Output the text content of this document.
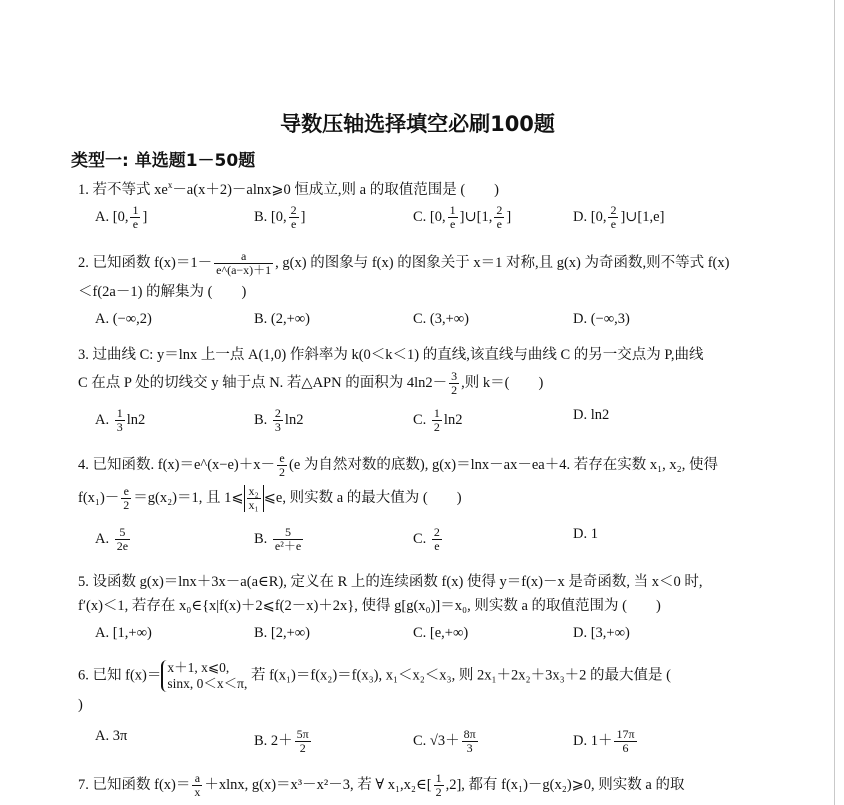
导数压轴选择填空必刷100题
类型一: 单选题1－50题
1. 若不等式 $xe^x-a(x+2)-alnx⩾0$ 恒成立,则 a 的取值范围是 (　　)
A. [0, $\frac{1}{e}$ ]	B. [0, $\frac{2}{e}$ ]	C. [0, $\frac{1}{e}$ ]∪[1, $\frac{2}{e}$ ]	D. [0, $\frac{2}{e}$ ]∪[1,e]
2. 已知函数 $f(x)=1- \frac{a}{e\^{}(a-x)+1}$ , g(x) 的图象与 f(x) 的图象关于 x＝1 对称,且 g(x) 为奇函数,则不等式 f(x)
＜f(2a－1) 的解集为 (　　)
A. (−∞,2)	B. (2,+∞)	C. (3,+∞)	D. (−∞,3)
3. 过曲线 C: y＝lnx 上一点 A(1,0) 作斜率为 k(0＜k＜1) 的直线,该直线与曲线 C 的另一交点为 P,曲线
C 在点 P 处的切线交 y 轴于点 N. 若△APN 的面积为 $4\ln 2- \frac{3}{2}$ ,则 k＝(　　)
A. $\frac{1}{3} \ln 2$	B. $\frac{2}{3} \ln 2$	C. $\frac{1}{2} \ln 2$	D. ln2
4. 已知函数. f(x)＝e^(x−e)＋x－ $\frac{e}{2} (e$ 为自然对数的底数), g(x)＝lnx－ax－ea＋4. 若存在实数 x₁, x₂, 使得
$f(x_1)- \frac{e}{2} =g(x_2)=1$, 且 1⩽ $\frac{\text{x₂}}{\text{x₁}}$ ⩽e, 则实数 a 的最大值为 (　　)
A. $\frac{5}{2e}$	B. $\frac{5}{\text{e²＋e}}$	C. $\frac{2}{e}$	D. 1
5. 设函数 g(x)＝lnx＋3x－a(a∈R), 定义在 R 上的连续函数 f(x) 使得 y＝f(x)－x 是奇函数, 当 x＜0 时,
f′(x)＜1, 若存在 x₀∈{x|f(x)＋2⩽f(2－x)＋2x}, 使得 g[g(x₀)]＝x₀, 则实数 a 的取值范围为 (　　)
A. [1,+∞)	B. [2,+∞)	C. [e,+∞)	D. [3,+∞)
6. 已知 f(x)＝ x＋1, x⩽0,
sinx, 0＜x＜π,
若 f(x₁)＝f(x₂)＝f(x₃), x₁＜x₂＜x₃, 则 2x₁＋2x₂＋3x₃＋2 的最大值是 (
)
A. 3π	B. $2+ \frac{5\pi}{2}$	C. $√3+ \frac{8\pi}{3}$	D. $1+ \frac{17\pi}{6}$
7. 已知函数 $f(x)= \frac{a}{x} +xlnx$, g(x)＝x³－x²－3, 若 ∀ x₁,x₂∈[ $\frac{1}{2} ,2$], 都有 f(x₁)－g(x₂)⩾0, 则实数 a 的取
